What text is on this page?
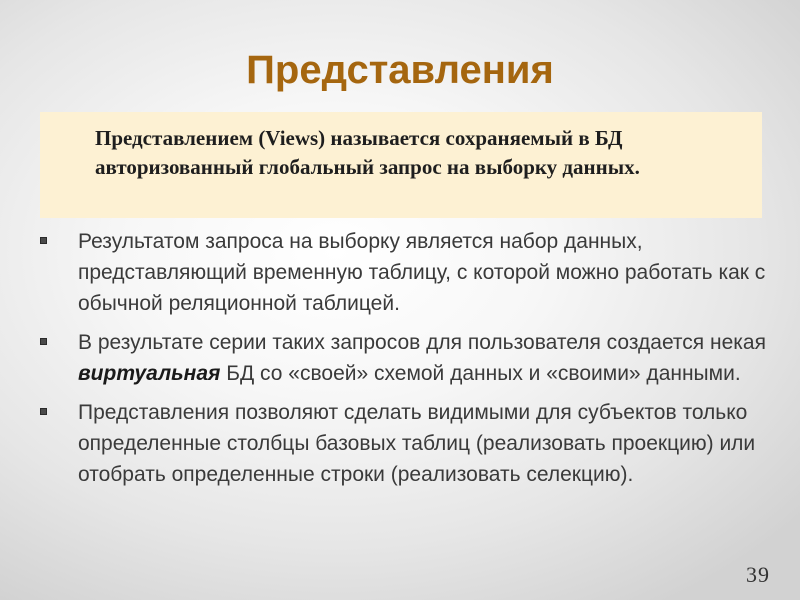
Представления

Представлением (Views) называется сохраняемый в БД авторизованный глобальный запрос на выборку данных.

Результатом запроса на выборку является набор данных, представляющий временную таблицу, с которой можно работать как с обычной реляционной таблицей.
В результате серии таких запросов для пользователя создается некая виртуальная БД со «своей» схемой данных и «своими» данными.
Представления позволяют сделать видимыми для субъектов только определенные столбцы базовых таблиц (реализовать проекцию) или отобрать определенные строки (реализовать селекцию).
39
